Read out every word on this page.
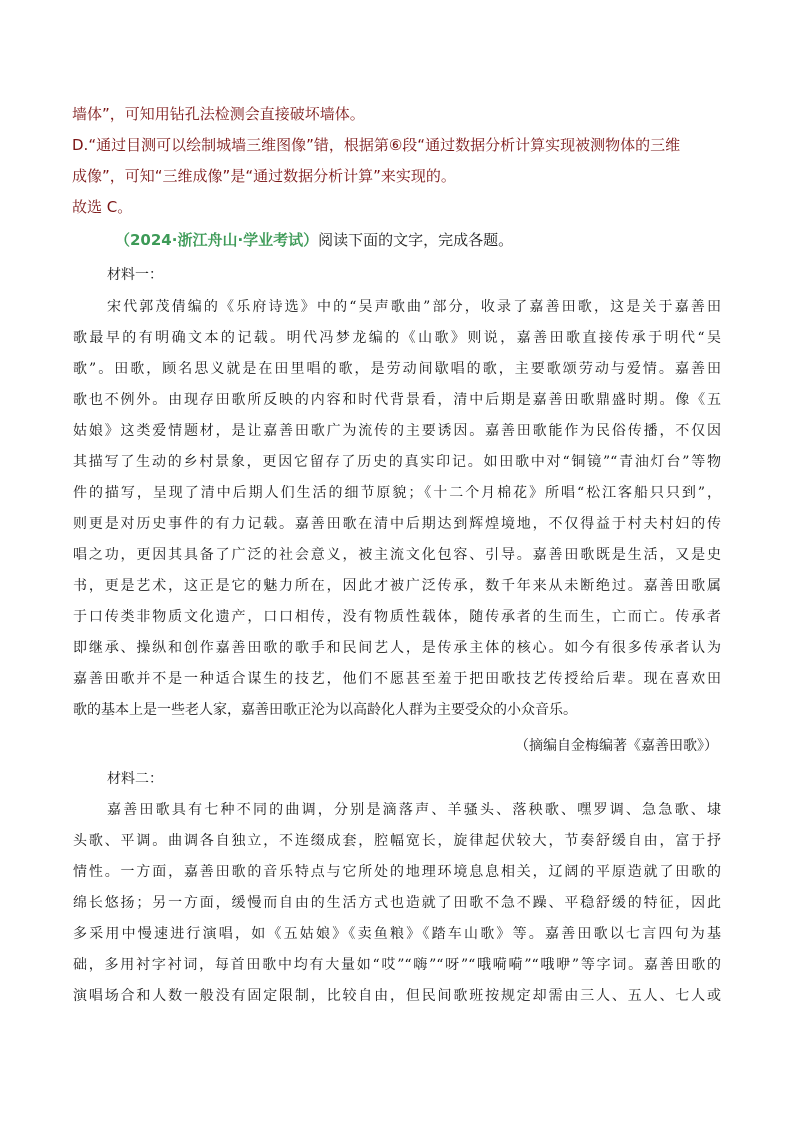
墙体”，可知用钻孔法检测会直接破坏墙体。
D.“通过目测可以绘制城墙三维图像”错，根据第⑥段“通过数据分析计算实现被测物体的三维
成像”，可知“三维成像”是“通过数据分析计算”来实现的。
故选 C。
（2024·浙江舟山·学业考试）阅读下面的文字，完成各题。
材料一：
宋代郭茂倩编的《乐府诗选》中的“吴声歌曲”部分，收录了嘉善田歌，这是关于嘉善田
歌最早的有明确文本的记载。明代冯梦龙编的《山歌》则说，嘉善田歌直接传承于明代“吴
歌”。田歌，顾名思义就是在田里唱的歌，是劳动间歇唱的歌，主要歌颂劳动与爱情。嘉善田
歌也不例外。由现存田歌所反映的内容和时代背景看，清中后期是嘉善田歌鼎盛时期。像《五
姑娘》这类爱情题材，是让嘉善田歌广为流传的主要诱因。嘉善田歌能作为民俗传播，不仅因
其描写了生动的乡村景象，更因它留存了历史的真实印记。如田歌中对“铜镜”“青油灯台”等物
件的描写，呈现了清中后期人们生活的细节原貌；《十二个月棉花》所唱“松江客船只只到”，
则更是对历史事件的有力记载。嘉善田歌在清中后期达到辉煌境地，不仅得益于村夫村妇的传
唱之功，更因其具备了广泛的社会意义，被主流文化包容、引导。嘉善田歌既是生活，又是史
书，更是艺术，这正是它的魅力所在，因此才被广泛传承，数千年来从未断绝过。嘉善田歌属
于口传类非物质文化遗产，口口相传，没有物质性载体，随传承者的生而生，亡而亡。传承者
即继承、操纵和创作嘉善田歌的歌手和民间艺人，是传承主体的核心。如今有很多传承者认为
嘉善田歌并不是一种适合谋生的技艺，他们不愿甚至羞于把田歌技艺传授给后辈。现在喜欢田
歌的基本上是一些老人家，嘉善田歌正沦为以高龄化人群为主要受众的小众音乐。
（摘编自金梅编著《嘉善田歌》）
材料二：
嘉善田歌具有七种不同的曲调，分别是滴落声、羊骚头、落秧歌、嘿罗调、急急歌、埭
头歌、平调。曲调各自独立，不连缀成套，腔幅宽长，旋律起伏较大，节奏舒缓自由，富于抒
情性。一方面，嘉善田歌的音乐特点与它所处的地理环境息息相关，辽阔的平原造就了田歌的
绵长悠扬；另一方面，缓慢而自由的生活方式也造就了田歌不急不躁、平稳舒缓的特征，因此
多采用中慢速进行演唱，如《五姑娘》《卖鱼粮》《踏车山歌》等。嘉善田歌以七言四句为基
础，多用衬字衬词，每首田歌中均有大量如“哎”“嗨”“呀”“哦嗬嗬”“哦咿”等字词。嘉善田歌的
演唱场合和人数一般没有固定限制，比较自由，但民间歌班按规定却需由三人、五人、七人或
